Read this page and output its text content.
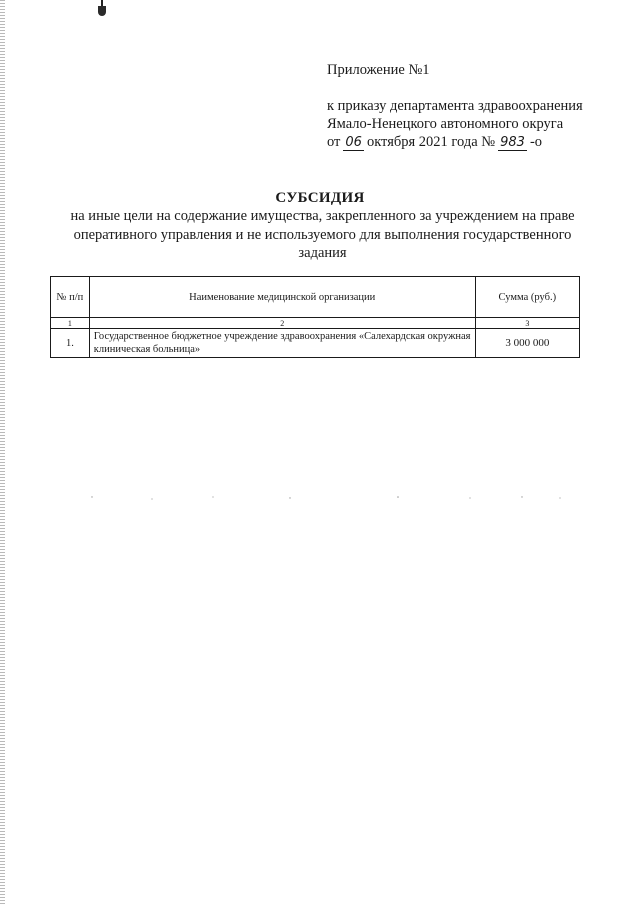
Приложение №1
к приказу департамента здравоохранения
Ямало-Ненецкого автономного округа
от 06 октября 2021 года № 983 -о
СУБСИДИЯ
на иные цели на содержание имущества, закрепленного за учреждением на праве оперативного управления и не используемого для выполнения государственного задания
№ п/п	Наименование медицинской организации	Сумма (руб.)
1	2	3
1.	Государственное бюджетное учреждение здравоохранения «Салехардская окружная клиническая больница»	3 000 000
